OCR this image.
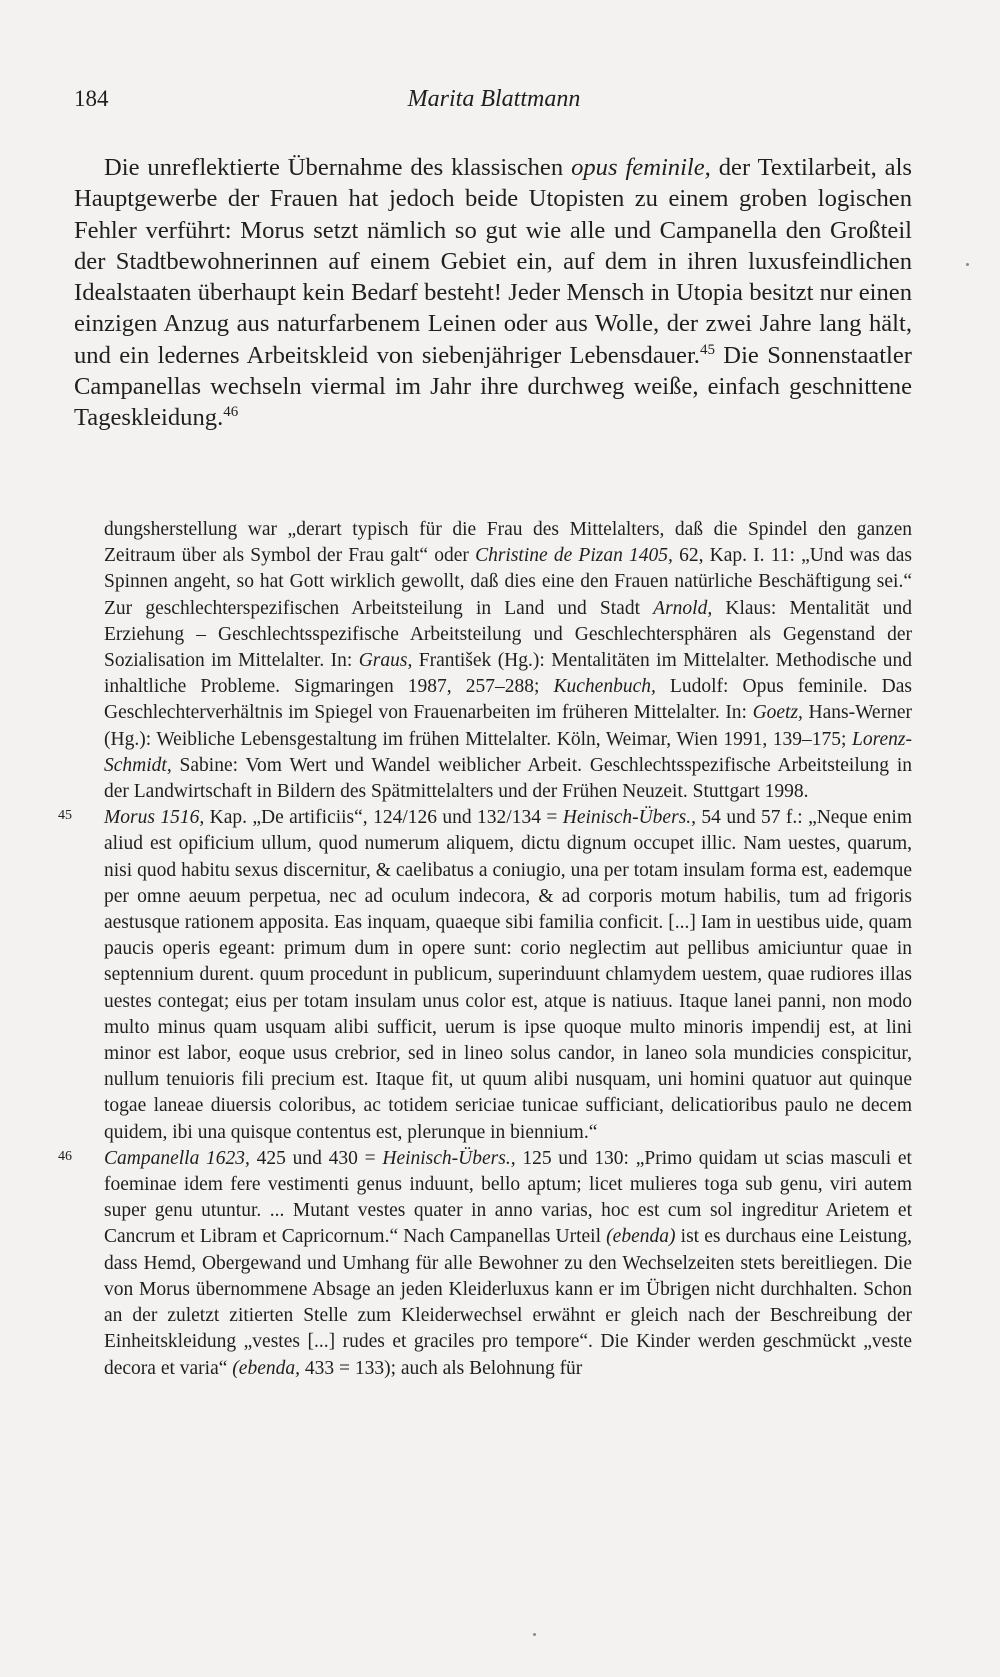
184	Marita Blattmann

Die unreflektierte Übernahme des klassischen opus feminile, der Textilarbeit, als Hauptgewerbe der Frauen hat jedoch beide Utopisten zu einem groben logischen Fehler verführt: Morus setzt nämlich so gut wie alle und Campanella den Großteil der Stadtbewohnerinnen auf einem Gebiet ein, auf dem in ihren luxusfeindlichen Idealstaaten überhaupt kein Bedarf besteht! Jeder Mensch in Utopia besitzt nur einen einzigen Anzug aus naturfarbenem Leinen oder aus Wolle, der zwei Jahre lang hält, und ein ledernes Arbeitskleid von siebenjähriger Lebensdauer.$^{45}$ Die Sonnenstaatler Campanellas wechseln viermal im Jahr ihre durchweg weiße, einfach geschnittene Tageskleidung.$^{46}$

dungsherstellung war „derart typisch für die Frau des Mittelalters, daß die Spindel den ganzen Zeitraum über als Symbol der Frau galt“ oder Christine de Pizan 1405, 62, Kap. I. 11: „Und was das Spinnen angeht, so hat Gott wirklich gewollt, daß dies eine den Frauen natürliche Beschäftigung sei.“ Zur geschlechterspezifischen Arbeitsteilung in Land und Stadt Arnold, Klaus: Mentalität und Erziehung – Geschlechtsspezifische Arbeitsteilung und Geschlechtersphären als Gegenstand der Sozialisation im Mittelalter. In: Graus, František (Hg.): Mentalitäten im Mittelalter. Methodische und inhaltliche Probleme. Sigmaringen 1987, 257–288; Kuchenbuch, Ludolf: Opus feminile. Das Geschlechterverhältnis im Spiegel von Frauenarbeiten im früheren Mittelalter. In: Goetz, Hans-Werner (Hg.): Weibliche Lebensgestaltung im frühen Mittelalter. Köln, Weimar, Wien 1991, 139–175; Lorenz-Schmidt, Sabine: Vom Wert und Wandel weiblicher Arbeit. Geschlechtsspezifische Arbeitsteilung in der Landwirtschaft in Bildern des Spätmittelalters und der Frühen Neuzeit. Stuttgart 1998.

45 Morus 1516, Kap. „De artificiis“, 124/126 und 132/134 = Heinisch-Übers., 54 und 57 f.: „Neque enim aliud est opificium ullum, quod numerum aliquem, dictu dignum occupet illic. Nam uestes, quarum, nisi quod habitu sexus discernitur, & caelibatus a coniugio, una per totam insulam forma est, eademque per omne aeuum perpetua, nec ad oculum indecora, & ad corporis motum habilis, tum ad frigoris aestusque rationem apposita. Eas inquam, quaeque sibi familia conficit. [...] Iam in uestibus uide, quam paucis operis egeant: primum dum in opere sunt: corio neglectim aut pellibus amiciuntur quae in septennium durent. quum procedunt in publicum, superinduunt chlamydem uestem, quae rudiores illas uestes contegat; eius per totam insulam unus color est, atque is natiuus. Itaque lanei panni, non modo multo minus quam usquam alibi sufficit, uerum is ipse quoque multo minoris impendij est, at lini minor est labor, eoque usus crebrior, sed in lineo solus candor, in laneo sola mundicies conspicitur, nullum tenuioris fili precium est. Itaque fit, ut quum alibi nusquam, uni homini quatuor aut quinque togae laneae diuersis coloribus, ac totidem sericiae tunicae sufficiant, delicatioribus paulo ne decem quidem, ibi una quisque contentus est, plerunque in biennium.“

46 Campanella 1623, 425 und 430 = Heinisch-Übers., 125 und 130: „Primo quidam ut scias masculi et foeminae idem fere vestimenti genus induunt, bello aptum; licet mulieres toga sub genu, viri autem super genu utuntur. ... Mutant vestes quater in anno varias, hoc est cum sol ingreditur Arietem et Cancrum et Libram et Capricornum.“ Nach Campanellas Urteil (ebenda) ist es durchaus eine Leistung, dass Hemd, Obergewand und Umhang für alle Bewohner zu den Wechselzeiten stets bereitliegen. Die von Morus übernommene Absage an jeden Kleiderluxus kann er im Übrigen nicht durchhalten. Schon an der zuletzt zitierten Stelle zum Kleiderwechsel erwähnt er gleich nach der Beschreibung der Einheitskleidung „vestes [...] rudes et graciles pro tempore“. Die Kinder werden geschmückt „veste decora et varia“ (ebenda, 433 = 133); auch als Belohnung für
